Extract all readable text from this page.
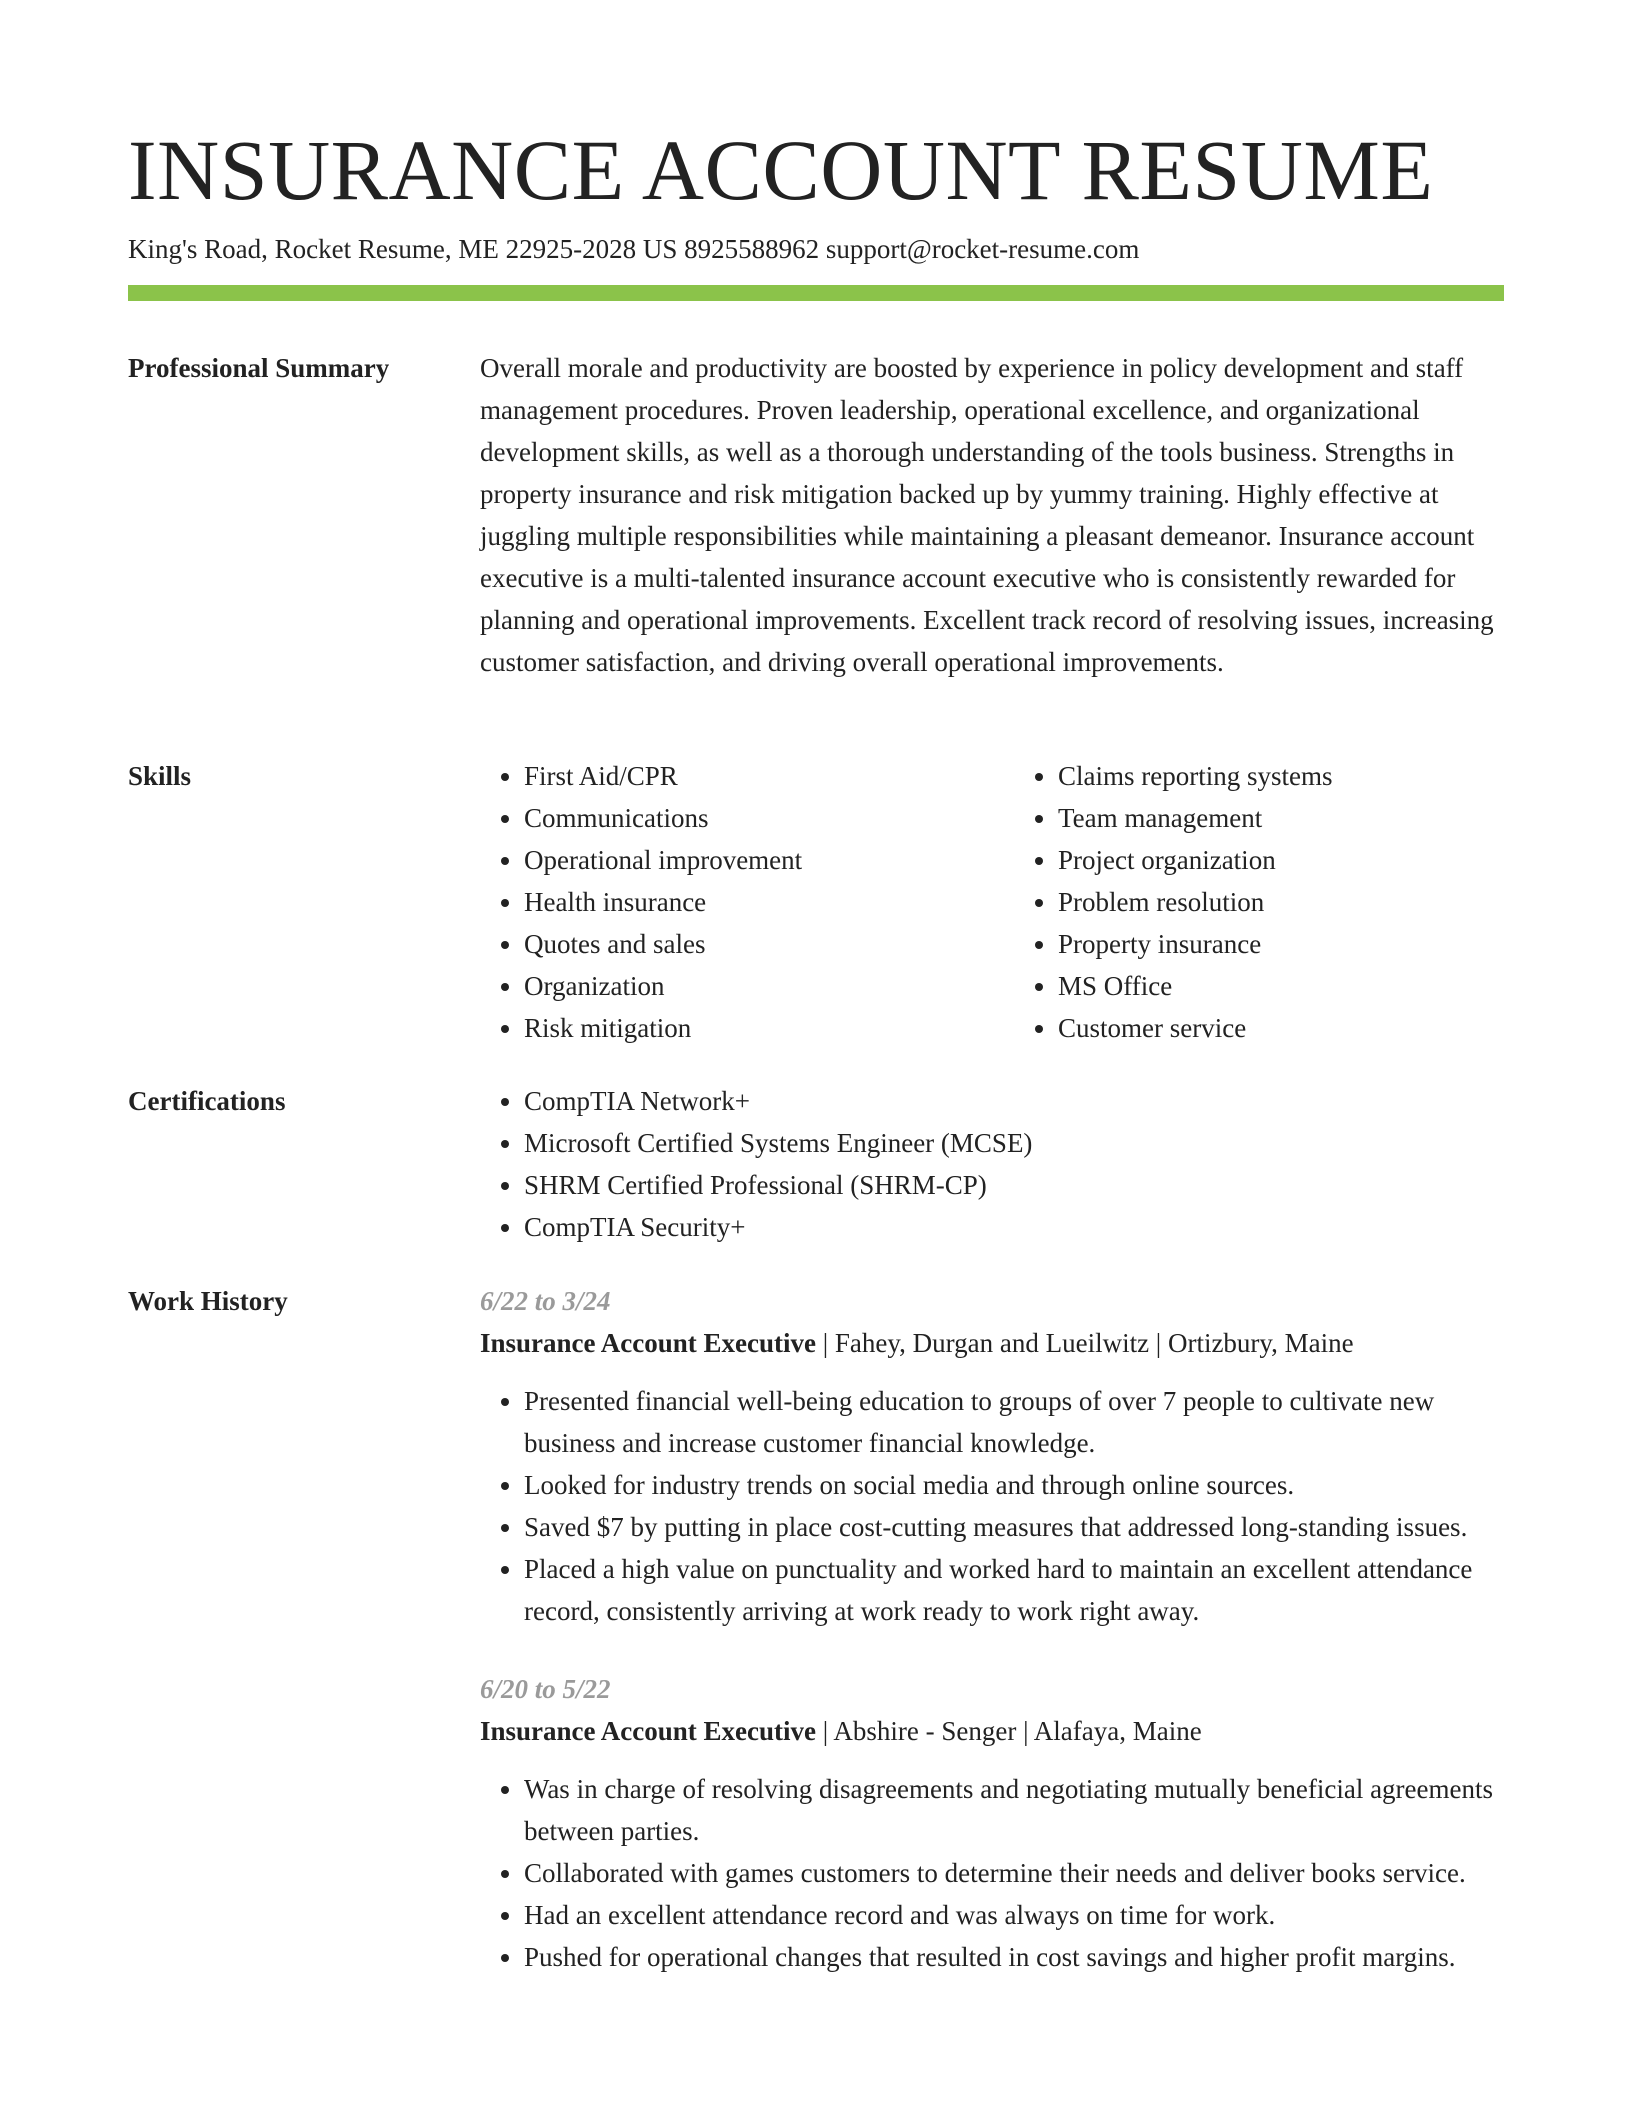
INSURANCE ACCOUNT RESUME
King's Road, Rocket Resume, ME 22925-2028 US 8925588962 support@rocket-resume.com
Professional Summary	Overall morale and productivity are boosted by experience in policy development and staff management procedures. Proven leadership, operational excellence, and organizational development skills, as well as a thorough understanding of the tools business. Strengths in property insurance and risk mitigation backed up by yummy training. Highly effective at juggling multiple responsibilities while maintaining a pleasant demeanor. Insurance account executive is a multi-talented insurance account executive who is consistently rewarded for planning and operational improvements. Excellent track record of resolving issues, increasing customer satisfaction, and driving overall operational improvements.

Skills	• First Aid/CPR
• Communications
• Operational improvement
• Health insurance
• Quotes and sales
• Organization
• Risk mitigation
• Claims reporting systems
• Team management
• Project organization
• Problem resolution
• Property insurance
• MS Office
• Customer service
Certifications	• CompTIA Network+
• Microsoft Certified Systems Engineer (MCSE)
• SHRM Certified Professional (SHRM-CP)
• CompTIA Security+
Work History	6/22 to 3/24
Insurance Account Executive | Fahey, Durgan and Lueilwitz | Ortizbury, Maine
• Presented financial well-being education to groups of over 7 people to cultivate new business and increase customer financial knowledge.
• Looked for industry trends on social media and through online sources.
• Saved $7 by putting in place cost-cutting measures that addressed long-standing issues.
• Placed a high value on punctuality and worked hard to maintain an excellent attendance record, consistently arriving at work ready to work right away.
6/20 to 5/22
Insurance Account Executive | Abshire - Senger | Alafaya, Maine
• Was in charge of resolving disagreements and negotiating mutually beneficial agreements between parties.
• Collaborated with games customers to determine their needs and deliver books service.
• Had an excellent attendance record and was always on time for work.
• Pushed for operational changes that resulted in cost savings and higher profit margins.
